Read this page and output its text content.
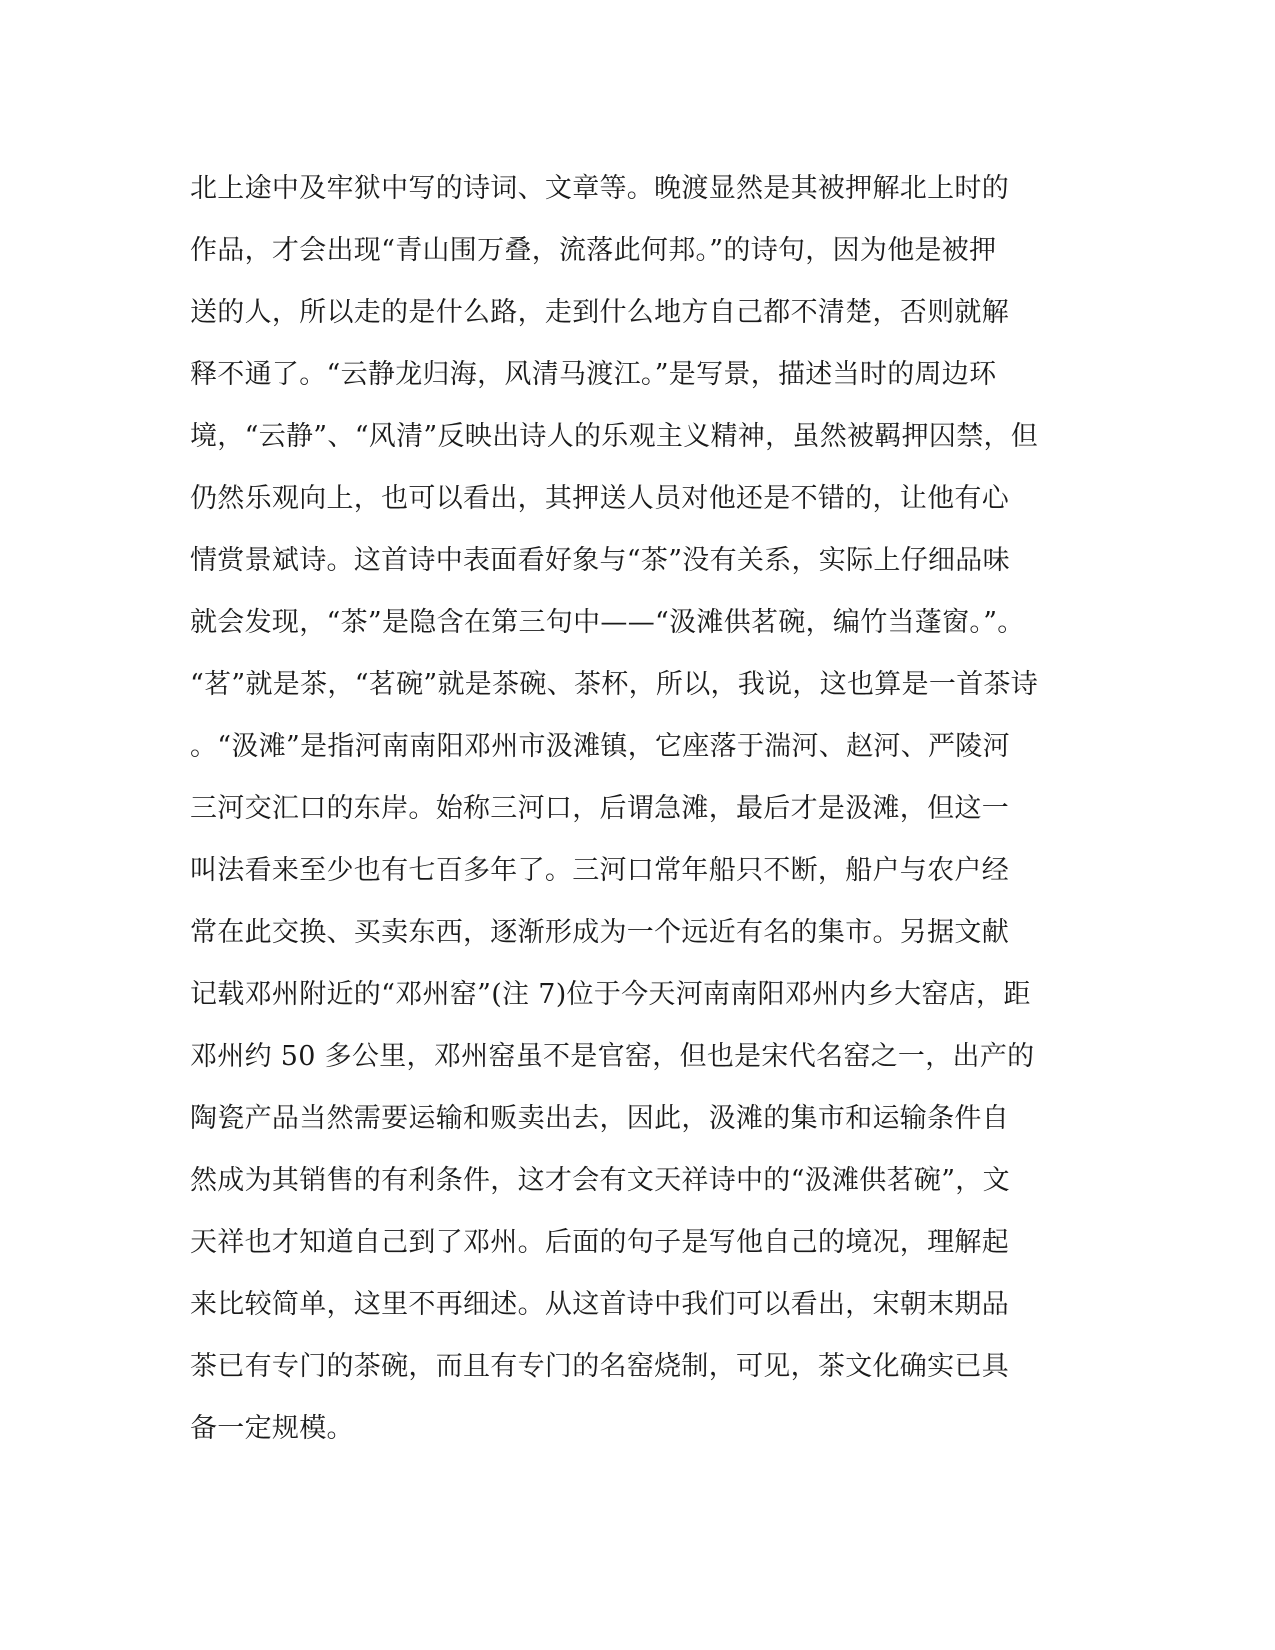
北上途中及牢狱中写的诗词、文章等。晚渡显然是其被押解北上时的
作品，才会出现“青山围万叠，流落此何邦。”的诗句，因为他是被押
送的人，所以走的是什么路，走到什么地方自己都不清楚，否则就解
释不通了。“云静龙归海，风清马渡江。”是写景，描述当时的周边环
境，“云静”、“风清”反映出诗人的乐观主义精神，虽然被羁押囚禁，但
仍然乐观向上，也可以看出，其押送人员对他还是不错的，让他有心
情赏景斌诗。这首诗中表面看好象与“茶”没有关系，实际上仔细品味
就会发现，“茶”是隐含在第三句中——“汲滩供茗碗，编竹当蓬窗。”。
“茗”就是茶，“茗碗”就是茶碗、茶杯，所以，我说，这也算是一首茶诗
。“汲滩”是指河南南阳邓州市汲滩镇，它座落于湍河、赵河、严陵河
三河交汇口的东岸。始称三河口，后谓急滩，最后才是汲滩，但这一
叫法看来至少也有七百多年了。三河口常年船只不断，船户与农户经
常在此交换、买卖东西，逐渐形成为一个远近有名的集市。另据文献
记载邓州附近的“邓州窑”(注 7)位于今天河南南阳邓州内乡大窑店，距
邓州约 50 多公里，邓州窑虽不是官窑，但也是宋代名窑之一，出产的
陶瓷产品当然需要运输和贩卖出去，因此，汲滩的集市和运输条件自
然成为其销售的有利条件，这才会有文天祥诗中的“汲滩供茗碗”，文
天祥也才知道自己到了邓州。后面的句子是写他自己的境况，理解起
来比较简单，这里不再细述。从这首诗中我们可以看出，宋朝末期品
茶已有专门的茶碗，而且有专门的名窑烧制，可见，茶文化确实已具
备一定规模。
